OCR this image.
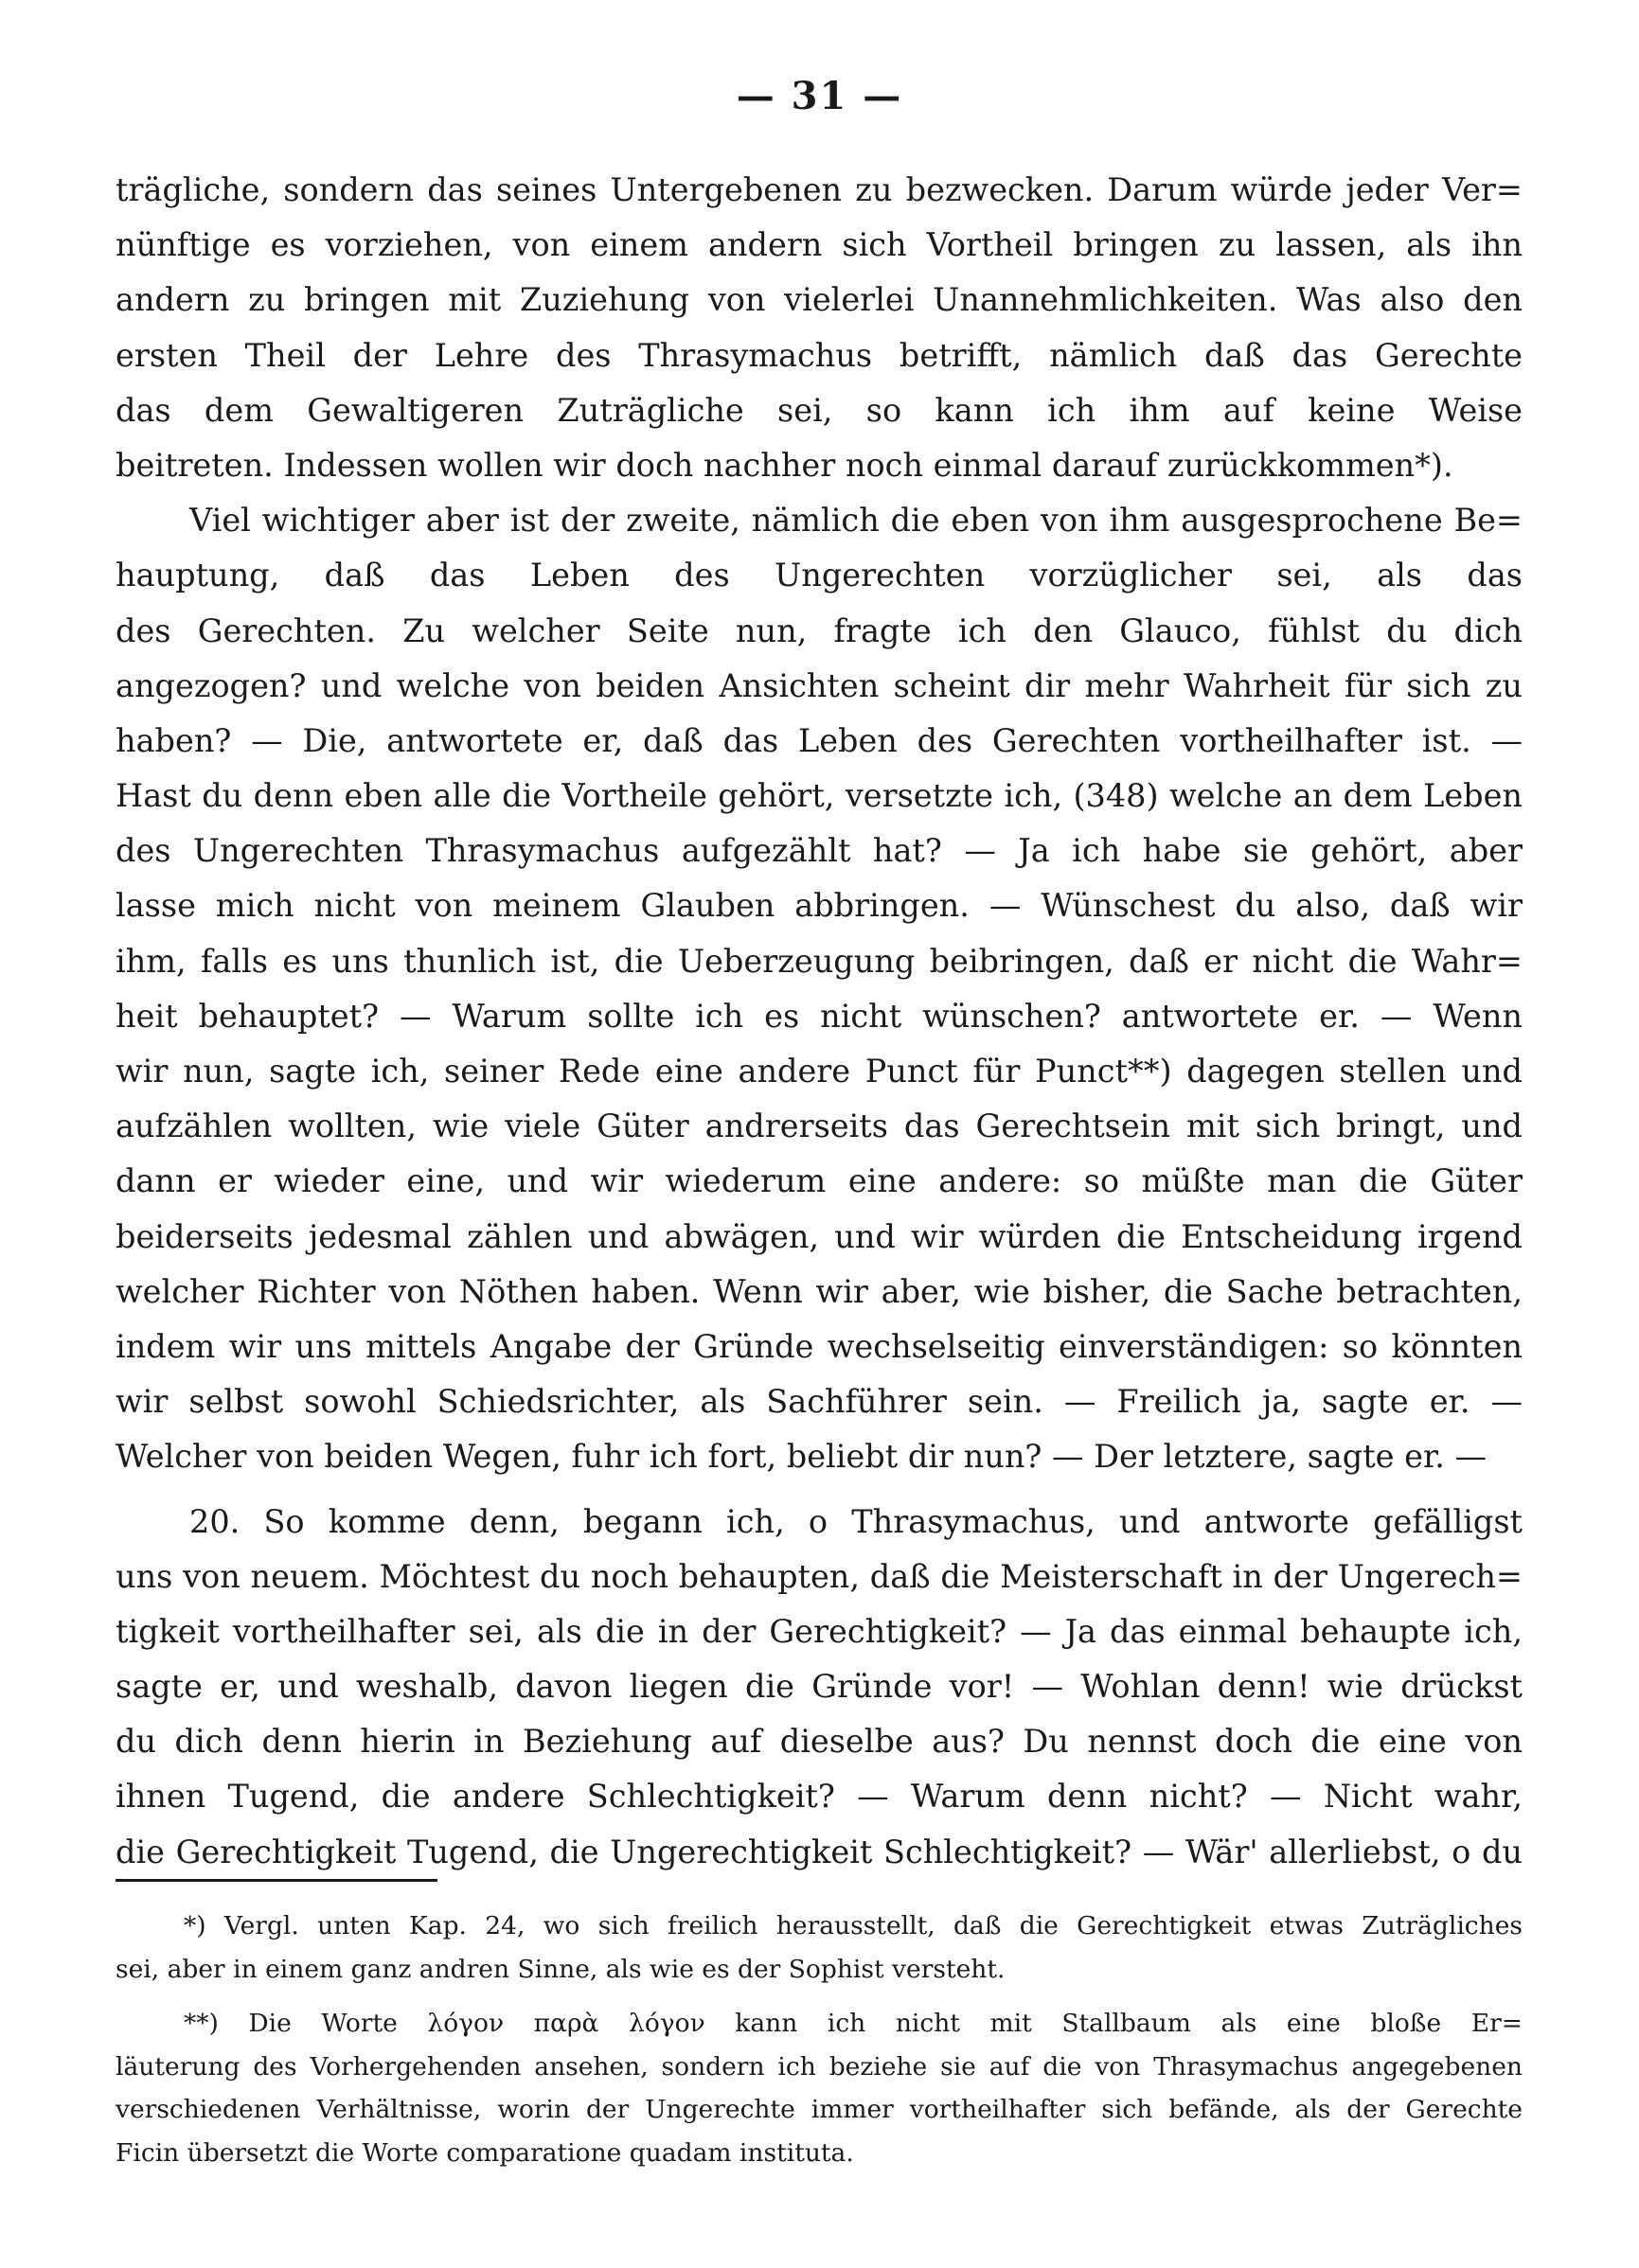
— 31 —
trägliche, sondern das seines Untergebenen zu bezwecken. Darum würde jeder Ver=
nünftige es vorziehen, von einem andern sich Vortheil bringen zu lassen, als ihn
andern zu bringen mit Zuziehung von vielerlei Unannehmlichkeiten. Was also den
ersten Theil der Lehre des Thrasymachus betrifft, nämlich daß das Gerechte
das dem Gewaltigeren Zuträgliche sei, so kann ich ihm auf keine Weise
beitreten. Indessen wollen wir doch nachher noch einmal darauf zurückkommen*).
Viel wichtiger aber ist der zweite, nämlich die eben von ihm ausgesprochene Be=
hauptung, daß das Leben des Ungerechten vorzüglicher sei, als das
des Gerechten. Zu welcher Seite nun, fragte ich den Glauco, fühlst du dich
angezogen? und welche von beiden Ansichten scheint dir mehr Wahrheit für sich zu
haben? — Die, antwortete er, daß das Leben des Gerechten vortheilhafter ist. —
Hast du denn eben alle die Vortheile gehört, versetzte ich, (348) welche an dem Leben
des Ungerechten Thrasymachus aufgezählt hat? — Ja ich habe sie gehört, aber
lasse mich nicht von meinem Glauben abbringen. — Wünschest du also, daß wir
ihm, falls es uns thunlich ist, die Ueberzeugung beibringen, daß er nicht die Wahr=
heit behauptet? — Warum sollte ich es nicht wünschen? antwortete er. — Wenn
wir nun, sagte ich, seiner Rede eine andere Punct für Punct**) dagegen stellen und
aufzählen wollten, wie viele Güter andrerseits das Gerechtsein mit sich bringt, und
dann er wieder eine, und wir wiederum eine andere: so müßte man die Güter
beiderseits jedesmal zählen und abwägen, und wir würden die Entscheidung irgend
welcher Richter von Nöthen haben. Wenn wir aber, wie bisher, die Sache betrachten,
indem wir uns mittels Angabe der Gründe wechselseitig einverständigen: so könnten
wir selbst sowohl Schiedsrichter, als Sachführer sein. — Freilich ja, sagte er. —
Welcher von beiden Wegen, fuhr ich fort, beliebt dir nun? — Der letztere, sagte er. —
20. So komme denn, begann ich, o Thrasymachus, und antworte gefälligst
uns von neuem. Möchtest du noch behaupten, daß die Meisterschaft in der Ungerech=
tigkeit vortheilhafter sei, als die in der Gerechtigkeit? — Ja das einmal behaupte ich,
sagte er, und weshalb, davon liegen die Gründe vor! — Wohlan denn! wie drückst
du dich denn hierin in Beziehung auf dieselbe aus? Du nennst doch die eine von
ihnen Tugend, die andere Schlechtigkeit? — Warum denn nicht? — Nicht wahr,
die Gerechtigkeit Tugend, die Ungerechtigkeit Schlechtigkeit? — Wär' allerliebst, o du
*) Vergl. unten Kap. 24, wo sich freilich herausstellt, daß die Gerechtigkeit etwas Zuträgliches
sei, aber in einem ganz andren Sinne, als wie es der Sophist versteht.
**) Die Worte λόγον παρὰ λόγον kann ich nicht mit Stallbaum als eine bloße Er=
läuterung des Vorhergehenden ansehen, sondern ich beziehe sie auf die von Thrasymachus angegebenen
verschiedenen Verhältnisse, worin der Ungerechte immer vortheilhafter sich befände, als der Gerechte
Ficin übersetzt die Worte comparatione quadam instituta.
